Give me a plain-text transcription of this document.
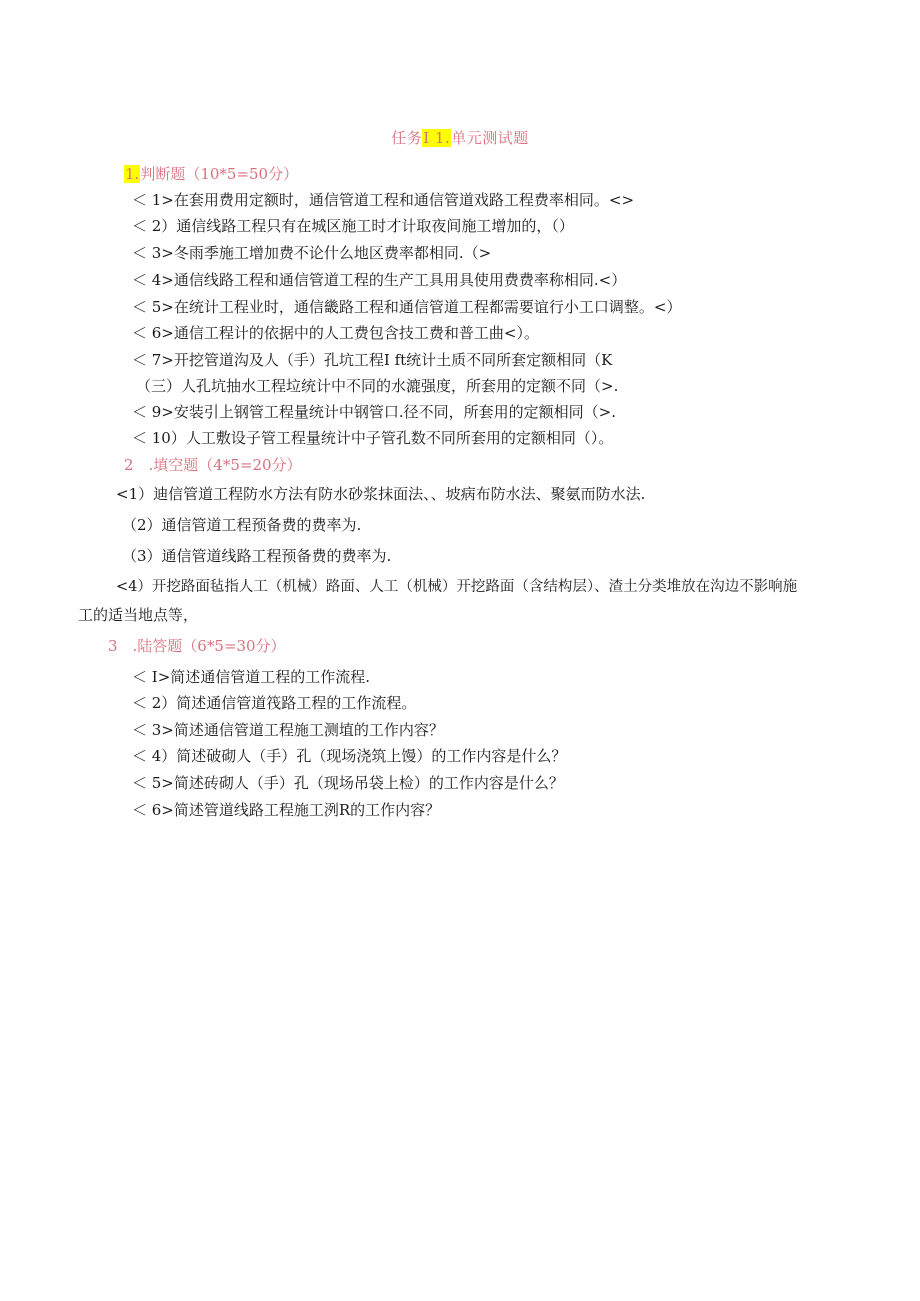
任务I 1.单元测试题
1.判断题（10*5=50分）
＜ 1>在套用费用定额时，通信管道工程和通信管道戏路工程费率相同。<>
＜ 2）通信线路工程只有在城区施工时才计取夜间施工增加的，（）
＜ 3>冬雨季施工增加费不论什么地区费率都相同.（>
＜ 4>通信线路工程和通信管道工程的生产工具用具使用费费率称相同.<）
＜ 5>在统计工程业时，通信畿路工程和通信管道工程都需要谊行小工口调整。<）
＜ 6>通信工程计的依据中的人工费包含技工费和普工曲<）。
＜ 7>开挖管道沟及人（手）孔坑工程I ft统计土质不同所套定额相同（K
（三）人孔坑抽水工程垃统计中不同的水漉强度，所套用的定额不同（>.
＜ 9>安装引上钢管工程量统计中钢管口.径不同，所套用的定额相同（>.
＜ 10）人工敷设子管工程量统计中子管孔数不同所套用的定额相同（）。
2　.填空题（4*5=20分）
<1）迪信管道工程防水方法有防水砂浆抹面法、、坡病布防水法、聚氨而防水法.
（2）通信管道工程预备费的费率为.
（3）通信管道线路工程预备费的费率为.
<4）开挖路面毡指人工（机械）路面、人工（机械）开挖路面（含结构层）、渣土分类堆放在沟边不影响施
工的适当地点等，
3　.陆答题（6*5=30分）
＜ I>简述通信管道工程的工作流程.
＜ 2）简述通信管道筏路工程的工作流程。
＜ 3>简述通信管道工程施工测埴的工作内容？
＜ 4）简述破砌人（手）孔（现场浇筑上馒）的工作内容是什么？
＜ 5>简述砖砌人（手）孔（现场吊袋上检）的工作内容是什么？
＜ 6>简述管道线路工程施工洌R的工作内容？
